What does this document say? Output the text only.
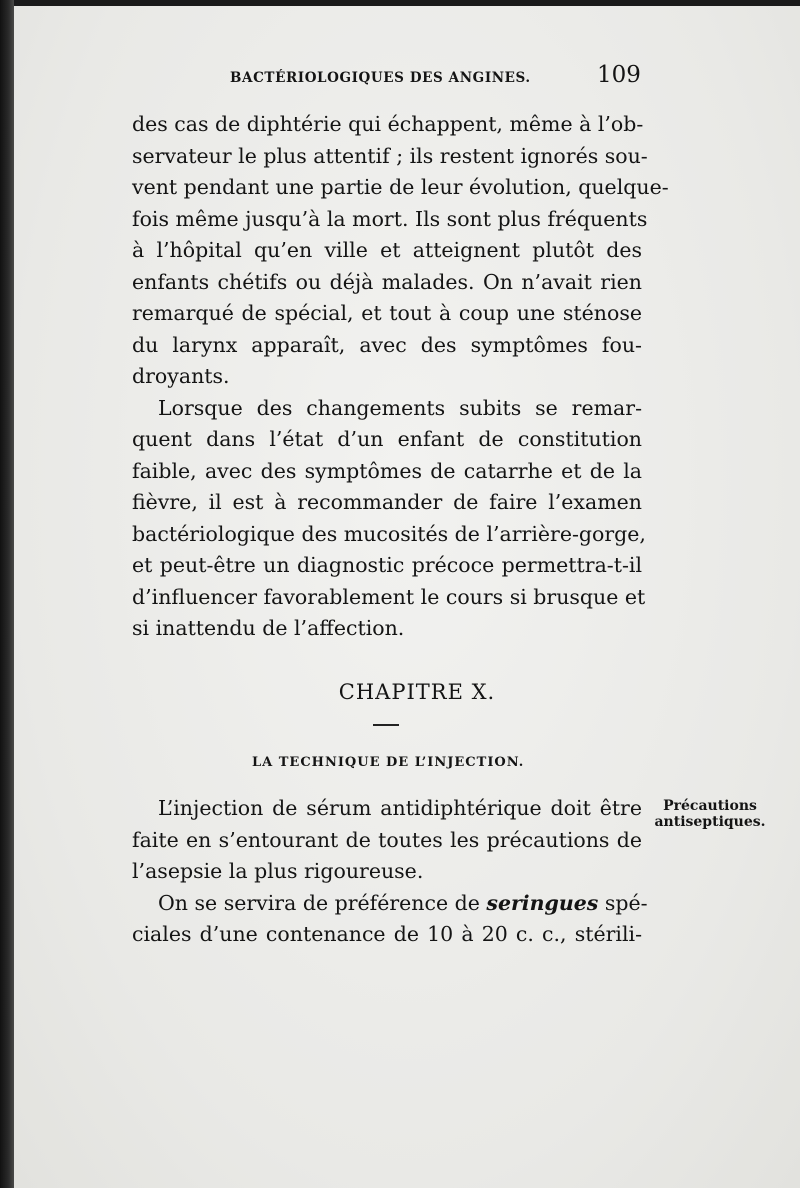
BACTÉRIOLOGIQUES DES ANGINES.	109

des cas de diphtérie qui échappent, même à l’ob-
servateur le plus attentif ; ils restent ignorés sou-
vent pendant une partie de leur évolution, quelque-
fois même jusqu’à la mort. Ils sont plus fréquents
à l’hôpital qu’en ville et atteignent plutôt des
enfants chétifs ou déjà malades. On n’avait rien
remarqué de spécial, et tout à coup une sténose
du larynx apparaît, avec des symptômes fou-
droyants.

Lorsque des changements subits se remar-
quent dans l’état d’un enfant de constitution
faible, avec des symptômes de catarrhe et de la
fièvre, il est à recommander de faire l’examen
bactériologique des mucosités de l’arrière-gorge,
et peut-être un diagnostic précoce permettra-t-il
d’influencer favorablement le cours si brusque et
si inattendu de l’affection.

CHAPITRE X.
LA TECHNIQUE DE L’INJECTION.
Précautions
antiseptiques.

L’injection de sérum antidiphtérique doit être
faite en s’entourant de toutes les précautions de
l’asepsie la plus rigoureuse.

On se servira de préférence de seringues spé-
ciales d’une contenance de 10 à 20 c. c., stérili-
